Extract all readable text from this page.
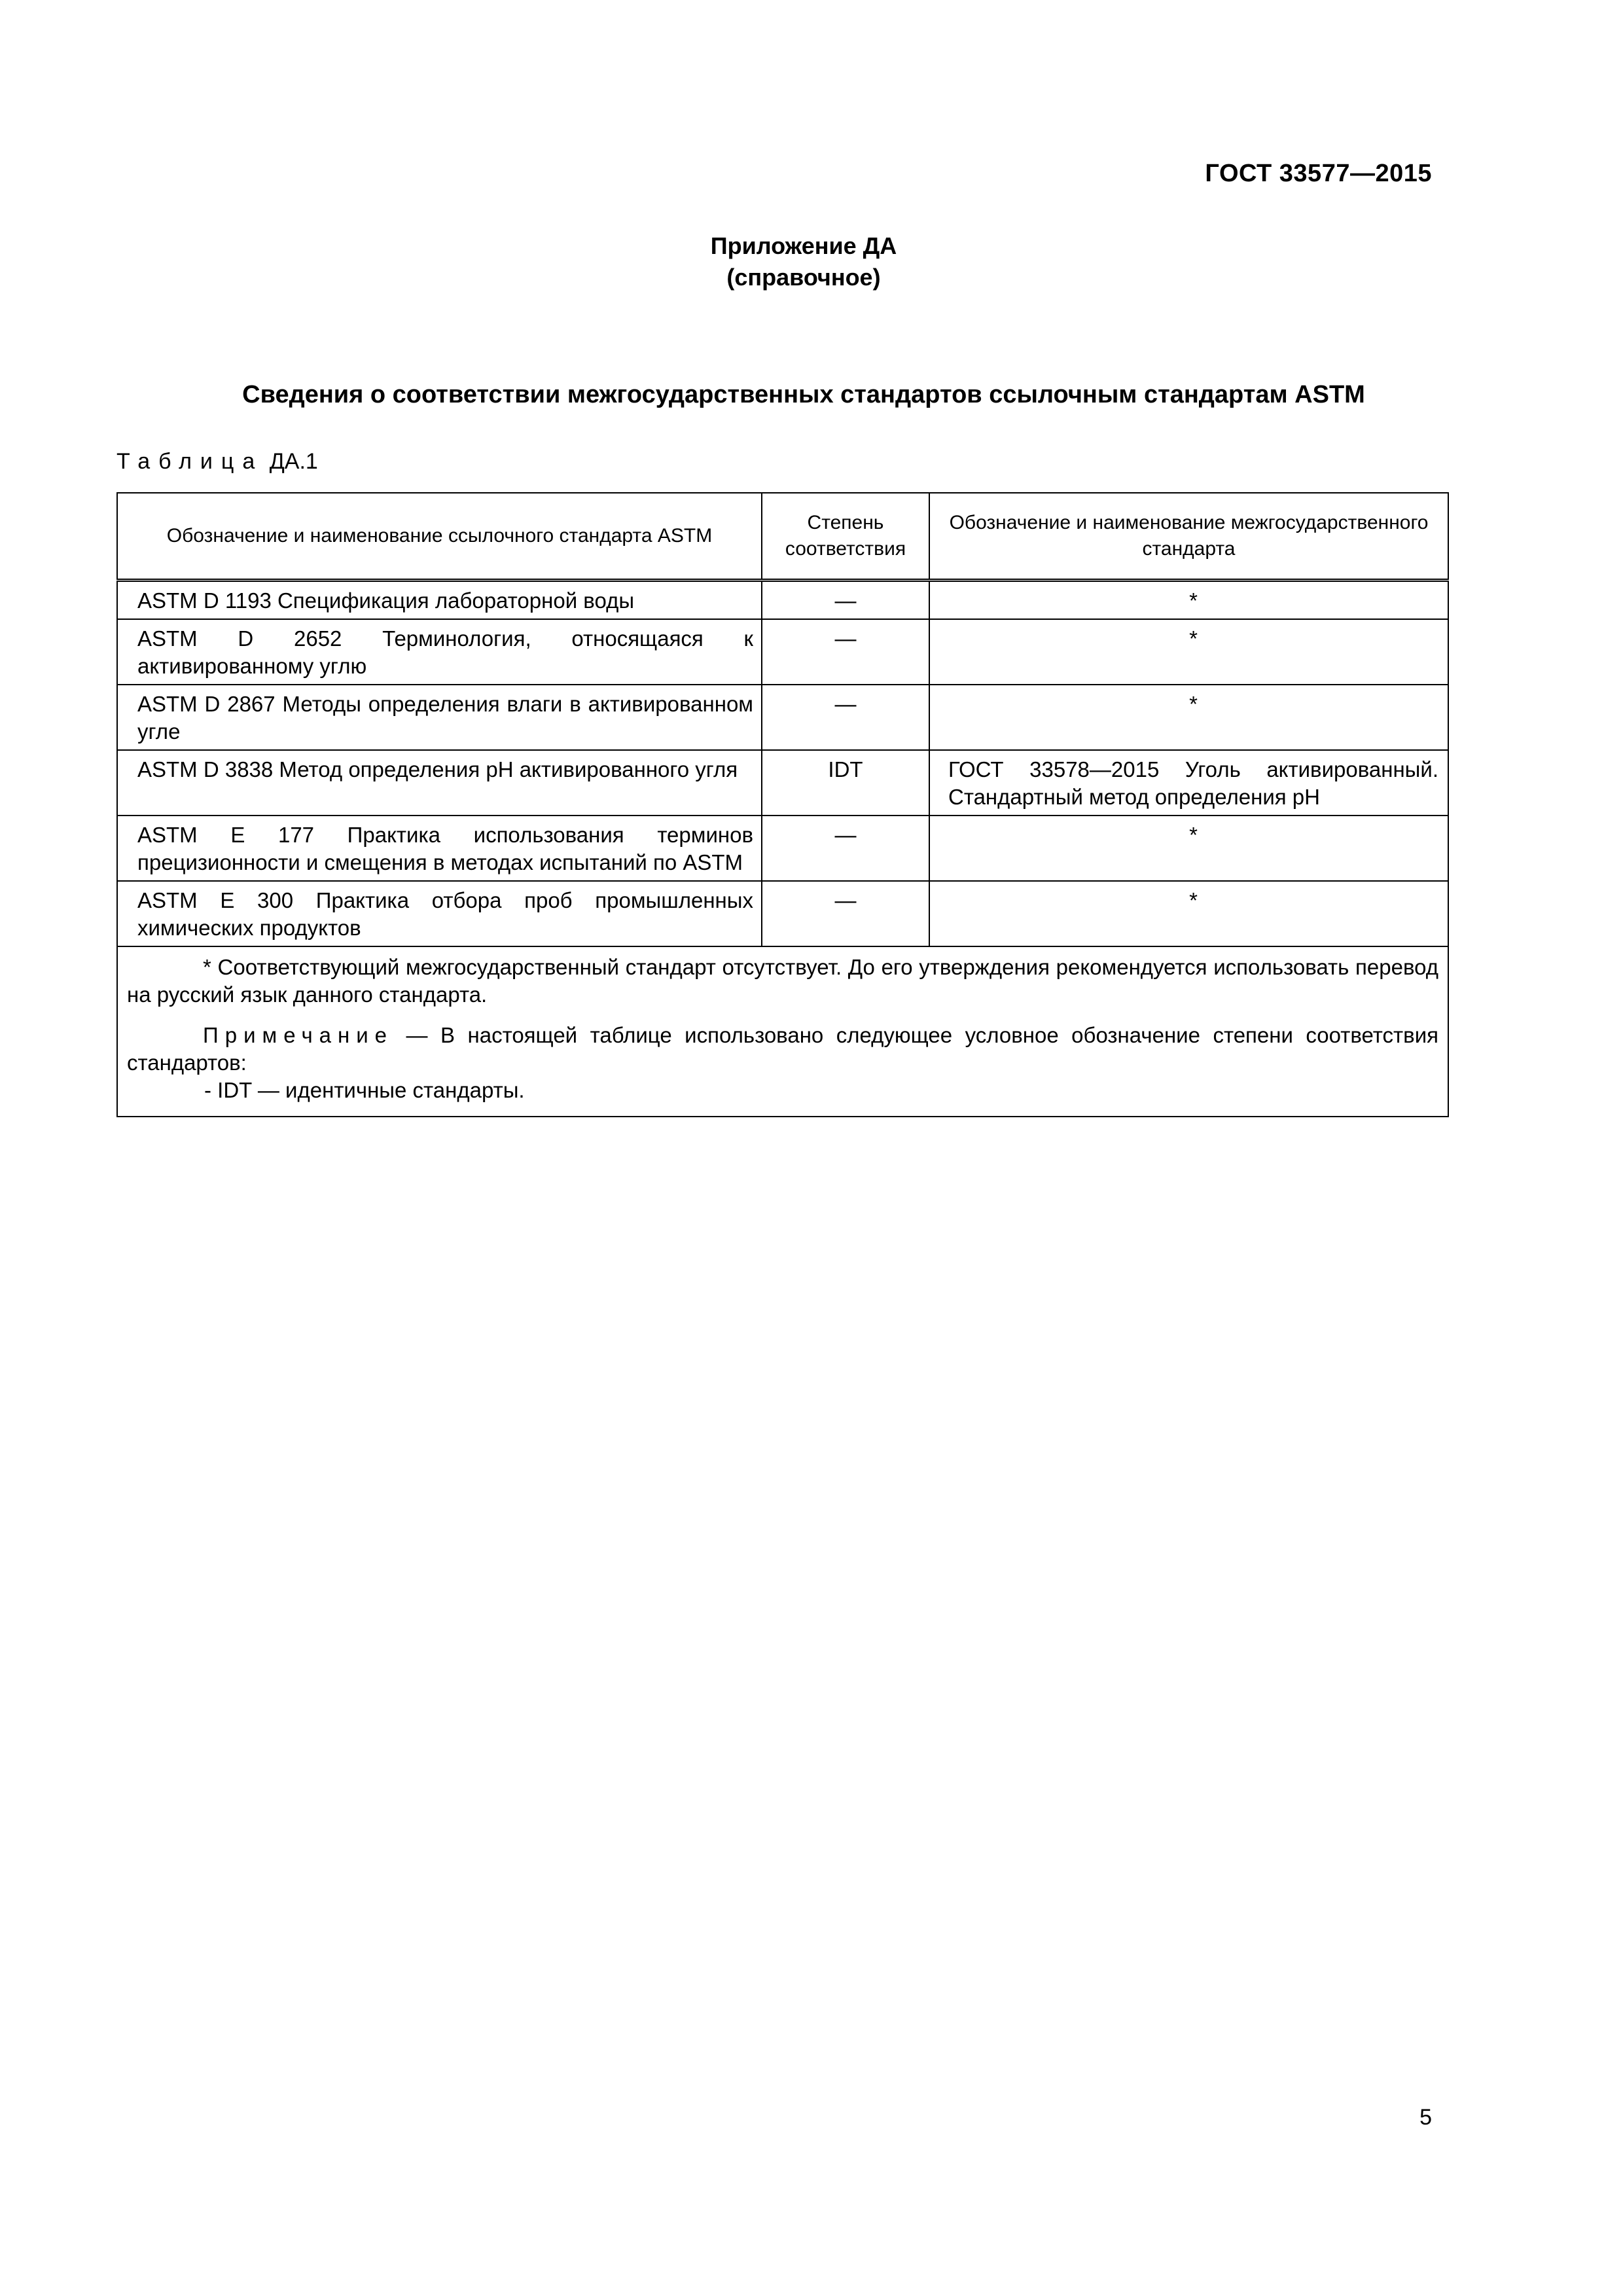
ГОСТ 33577—2015
Приложение ДА
(справочное)
Сведения о соответствии межгосударственных стандартов ссылочным стандартам ASTM
Таблица ДА.1
Обозначение и наименование ссылочного стандарта ASTM	Степень соответствия	Обозначение и наименование межгосударственного стандарта
ASTM D 1193 Спецификация лабораторной воды	—	*
ASTM D 2652 Терминология, относящаяся к активированному углю	—	*
ASTM D 2867 Методы определения влаги в активированном угле	—	*
ASTM D 3838 Метод определения pH активированного угля	IDT	ГОСТ 33578—2015 Уголь активированный. Стандартный метод определения pH
ASTM E 177 Практика использования терминов прецизионности и смещения в методах испытаний по ASTM	—	*
ASTM E 300 Практика отбора проб промышленных химических продуктов	—	*

* Соответствующий межгосударственный стандарт отсутствует. До его утверждения рекомендуется использовать перевод на русский язык данного стандарта.

Примечание — В настоящей таблице использовано следующее условное обозначение степени соответствия стандартов:

- IDT — идентичные стандарты.		

5
